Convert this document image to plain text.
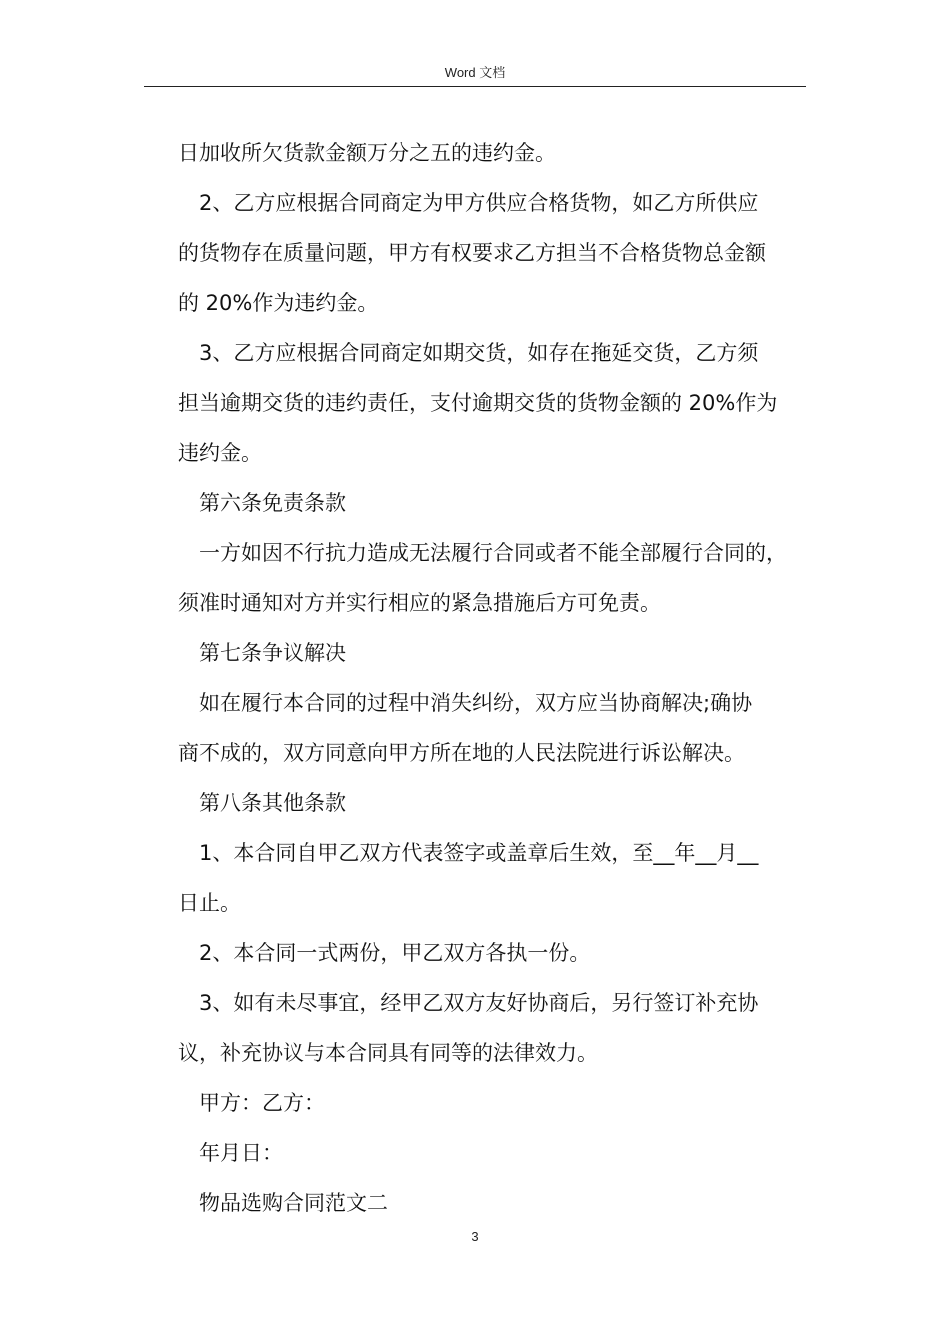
Word 文档
日加收所欠货款金额万分之五的违约金。
2、乙方应根据合同商定为甲方供应合格货物，如乙方所供应
的货物存在质量问题，甲方有权要求乙方担当不合格货物总金额
的 20%作为违约金。
3、乙方应根据合同商定如期交货，如存在拖延交货，乙方须
担当逾期交货的违约责任，支付逾期交货的货物金额的 20%作为
违约金。
第六条免责条款
一方如因不行抗力造成无法履行合同或者不能全部履行合同的，
须准时通知对方并实行相应的紧急措施后方可免责。
第七条争议解决
如在履行本合同的过程中消失纠纷，双方应当协商解决;确协
商不成的，双方同意向甲方所在地的人民法院进行诉讼解决。
第八条其他条款
1、本合同自甲乙双方代表签字或盖章后生效，至__年__月__
日止。
2、本合同一式两份，甲乙双方各执一份。
3、如有未尽事宜，经甲乙双方友好协商后，另行签订补充协
议，补充协议与本合同具有同等的法律效力。
甲方：乙方：
年月日：
物品选购合同范文二
3
